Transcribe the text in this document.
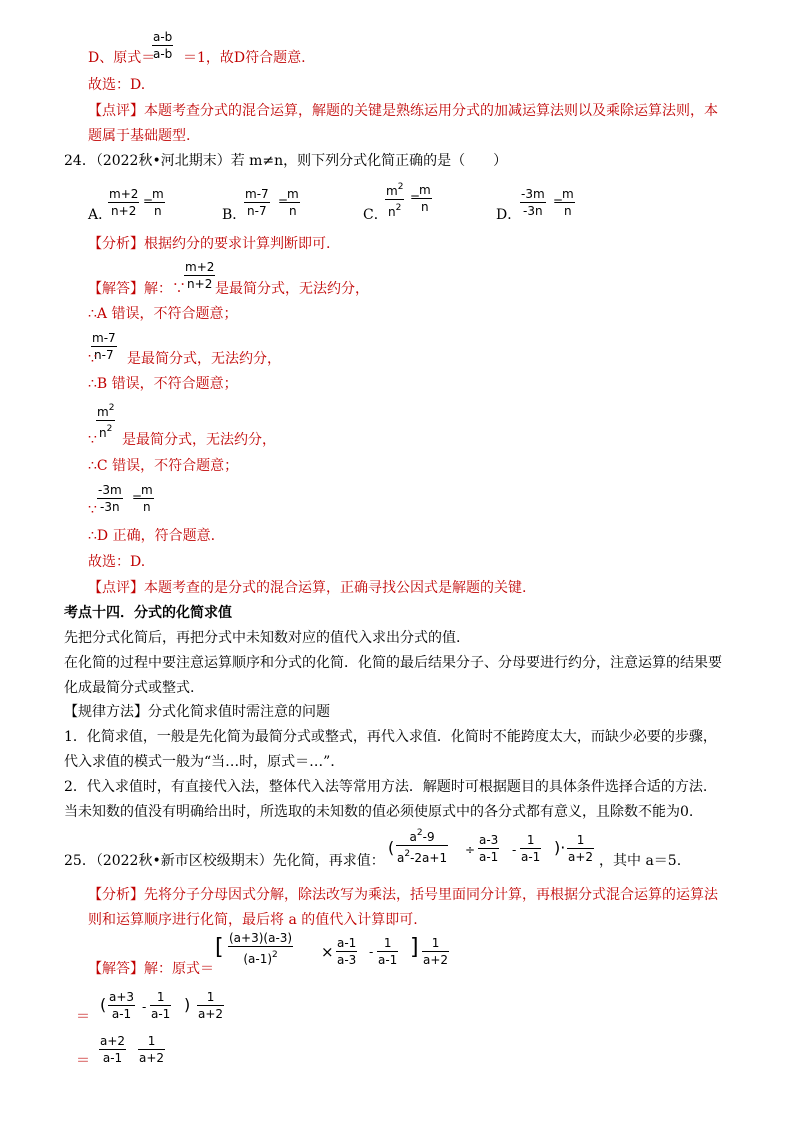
D、原式＝
$\frac{a-b}{a-b} =1$，故D符合题意.
故选：D.
【点评】本题考查分式的混合运算，解题的关键是熟练运用分式的加减运算法则以及乘除运算法则，本
题属于基础题型.
24．（2022秋•河北期末）若 m≠n，则下列分式化简正确的是（　　）
A．
$\frac{m+2}{n+2}$ =
$\frac{m}{n}$	B．
$\frac{m-7}{n-7}$ =
$\frac{m}{n}$	C．
$\frac{m^2}{n^2}$ =
$\frac{m}{n}$
D．
$\frac{-3m}{-3n}$ =
$\frac{m}{n}$
【分析】根据约分的要求计算判断即可.
【解答】解：∵
$\frac{m+2}{n+2}$ 是最简分式，无法约分，
∴A 错误，不符合题意；
$\frac{m-7}{n-7}$
∵ 是最简分式，无法约分，
∴B 错误，不符合题意；
$\frac{m^2}{n^2}$
∵ 是最简分式，无法约分，
∴C 错误，不符合题意；
$\frac{-3m}{-3n}$ =
$\frac{m}{n}$
∵
∴D 正确，符合题意.
故选：D.
【点评】本题考查的是分式的混合运算，正确寻找公因式是解题的关键.
考点十四．分式的化简求值
先把分式化简后，再把分式中未知数对应的值代入求出分式的值.
在化简的过程中要注意运算顺序和分式的化简．化简的最后结果分子、分母要进行约分，注意运算的结果要
化成最简分式或整式.
【规律方法】分式化简求值时需注意的问题
1．化简求值，一般是先化简为最简分式或整式，再代入求值．化简时不能跨度太大，而缺少必要的步骤，
代入求值的模式一般为“当…时，原式＝…”．
2．代入求值时，有直接代入法，整体代入法等常用方法．解题时可根据题目的具体条件选择合适的方法.
当未知数的值没有明确给出时，所选取的未知数的值必须使原式中的各分式都有意义，且除数不能为0.
25．（2022秋•新市区校级期末）先化简，再求值：
( $\frac{a^2-9}{a^2-2a+1} \div \frac{a-3}{a-1} - \frac{1}{a-1}$ )· $\frac{1}{a+2}$ ，其中 a＝5.
【分析】先将分子分母因式分解，除法改写为乘法，括号里面同分计算，再根据分式混合运算的运算法
则和运算顺序进行化简，最后将 a 的值代入计算即可.
【解答】解：原式＝
[ $\frac{(a+3)(a-3)}{(a-1)^2} \times \frac{a-1}{a-3} - \frac{1}{a-1}$ ] $\frac{1}{a+2}$
＝
( $\frac{a+3}{a-1} - \frac{1}{a-1}$ ) $\frac{1}{a+2}$
＝ $\frac{a+2}{a-1} \frac{1}{a+2}$
